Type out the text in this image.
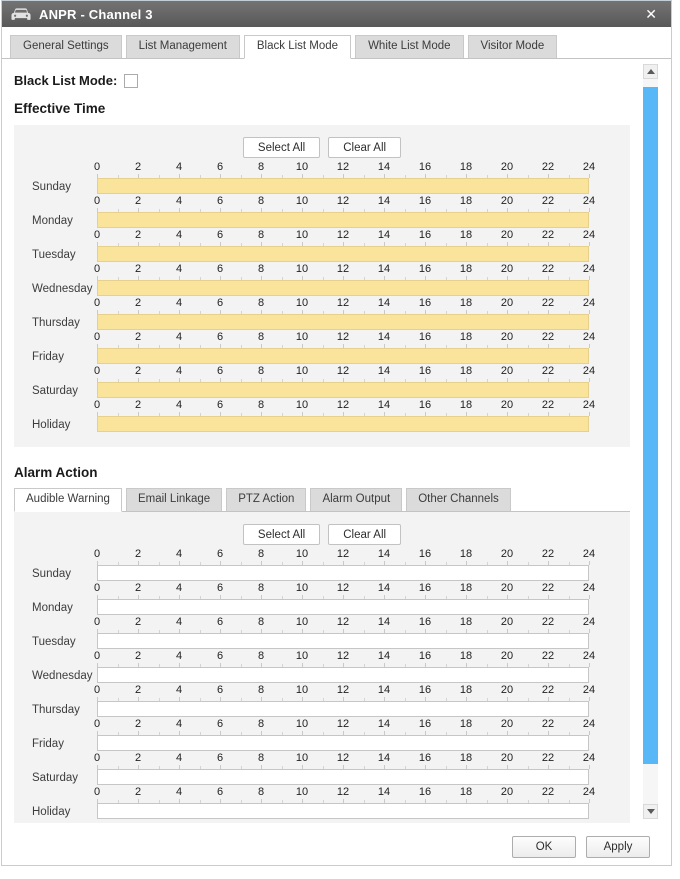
ANPR - Channel 3	✕
General Settings	List Management	Black List Mode	White List Mode	Visitor Mode
Black List Mode:
Effective Time
Select All	Clear All
Sunday
0	2	4	6	8	10	12	14	16	18	20	22	24
Monday
0	2	4	6	8	10	12	14	16	18	20	22	24
Tuesday
0	2	4	6	8	10	12	14	16	18	20	22	24
Wednesday
0	2	4	6	8	10	12	14	16	18	20	22	24
Thursday
0	2	4	6	8	10	12	14	16	18	20	22	24
Friday
0	2	4	6	8	10	12	14	16	18	20	22	24
Saturday
0	2	4	6	8	10	12	14	16	18	20	22	24
Holiday
0	2	4	6	8	10	12	14	16	18	20	22	24
Alarm Action
Audible Warning	Email Linkage	PTZ Action	Alarm Output	Other Channels
Select All	Clear All
Sunday
0	2	4	6	8	10	12	14	16	18	20	22	24
Monday
0	2	4	6	8	10	12	14	16	18	20	22	24
Tuesday
0	2	4	6	8	10	12	14	16	18	20	22	24
Wednesday
0	2	4	6	8	10	12	14	16	18	20	22	24
Thursday
0	2	4	6	8	10	12	14	16	18	20	22	24
Friday
0	2	4	6	8	10	12	14	16	18	20	22	24
Saturday
0	2	4	6	8	10	12	14	16	18	20	22	24
Holiday
0	2	4	6	8	10	12	14	16	18	20	22	24
OK	Apply
